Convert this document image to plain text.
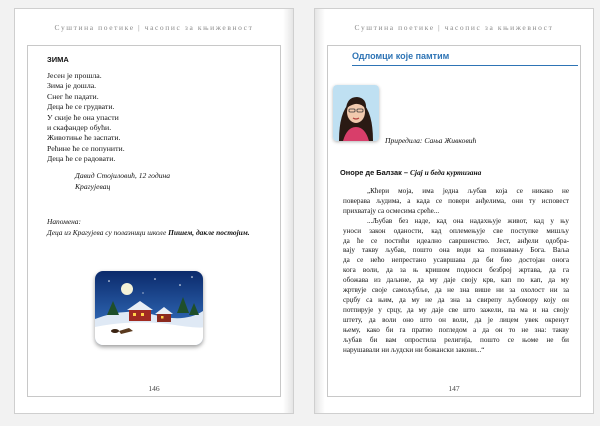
Суштина поетике | часопис за књижевност
ЗИМА
Јесен је прошла.
Зима је дошла.
Снег ће падати.
Деца ће се грудвати.
У скије ће она упасти
и скафандер обући.
Животиње ће заспати.
Рећине ће се попунити.
Деца ће се радовати.
Давид Стојиловић, 12 година
Крагујевац
Напомена:
Деца из Крагујева су полазници школе Пишем, дакле постојим.
146
Суштина поетике | часопис за књижевност
Одломци које памтим
Приредила: Сања Живковић
Оноре де Балзак – Сјај и беда куртизана
„Кћери моја, има једна љубав која се никако не
поверава људима, а када се повери анђелима, они ту исповест
прихватају са осмесима среће...
...Љубав без наде, кад она надахњује живот, кад у њу
уноси закон оданости, кад оплемењује све поступке мишљу
да ће се постићи идеално савршенство. Јест, анђели одобра-
вају такву љубав, пошто она води ка познавању Бога. Ваља
да се нећо непрестано усавршава да би био достојан онога
кога воли, да за њ кришом подноси безброј жртава, да га
обожава из даљине, да му даје своју крв, кап по кап, да му
жртвује своје самољубље, да не зна више ни за охолост ни за
срџбу са њим, да му не да зна за свирепу љубомору коју он
потпирује у срцу, да му даје све што зажели, па ма и на своју
штету, да воли оно што он воли, да је лицем увек окренут
њему, како би га пратио погледом а да он то не зна: такву
љубав би вам опростила религија, пошто се њоме не би
нарушавали ни људски ни божански закони...“
147
